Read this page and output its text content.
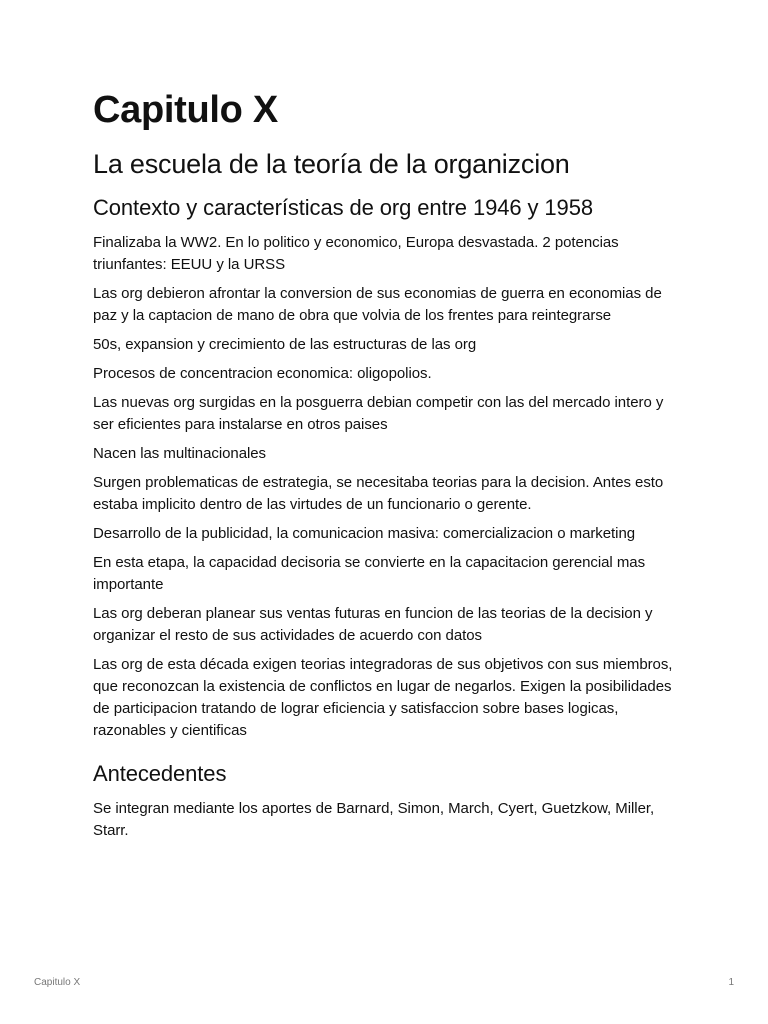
Capitulo X
La escuela de la teoría de la organizcion
Contexto y características de org entre 1946 y 1958

Finalizaba la WW2. En lo politico y economico, Europa desvastada. 2 potencias triunfantes: EEUU y la URSS

Las org debieron afrontar la conversion de sus economias de guerra en economias de paz y la captacion de mano de obra que volvia de los frentes para reintegrarse

50s, expansion y crecimiento de las estructuras de las org

Procesos de concentracion economica: oligopolios.

Las nuevas org surgidas en la posguerra debian competir con las del mercado intero y ser eficientes para instalarse en otros paises

Nacen las multinacionales

Surgen problematicas de estrategia, se necesitaba teorias para la decision. Antes esto estaba implicito dentro de las virtudes de un funcionario o gerente.

Desarrollo de la publicidad, la comunicacion masiva: comercializacion o marketing

En esta etapa, la capacidad decisoria se convierte en la capacitacion gerencial mas importante

Las org deberan planear sus ventas futuras en funcion de las teorias de la decision y organizar el resto de sus actividades de acuerdo con datos

Las org de esta década exigen teorias integradoras de sus objetivos con sus miembros, que reconozcan la existencia de conflictos en lugar de negarlos. Exigen la posibilidades de participacion tratando de lograr eficiencia y satisfaccion sobre bases logicas, razonables y cientificas

Antecedentes

Se integran mediante los aportes de Barnard, Simon, March, Cyert, Guetzkow, Miller, Starr.

Capitulo X	1
